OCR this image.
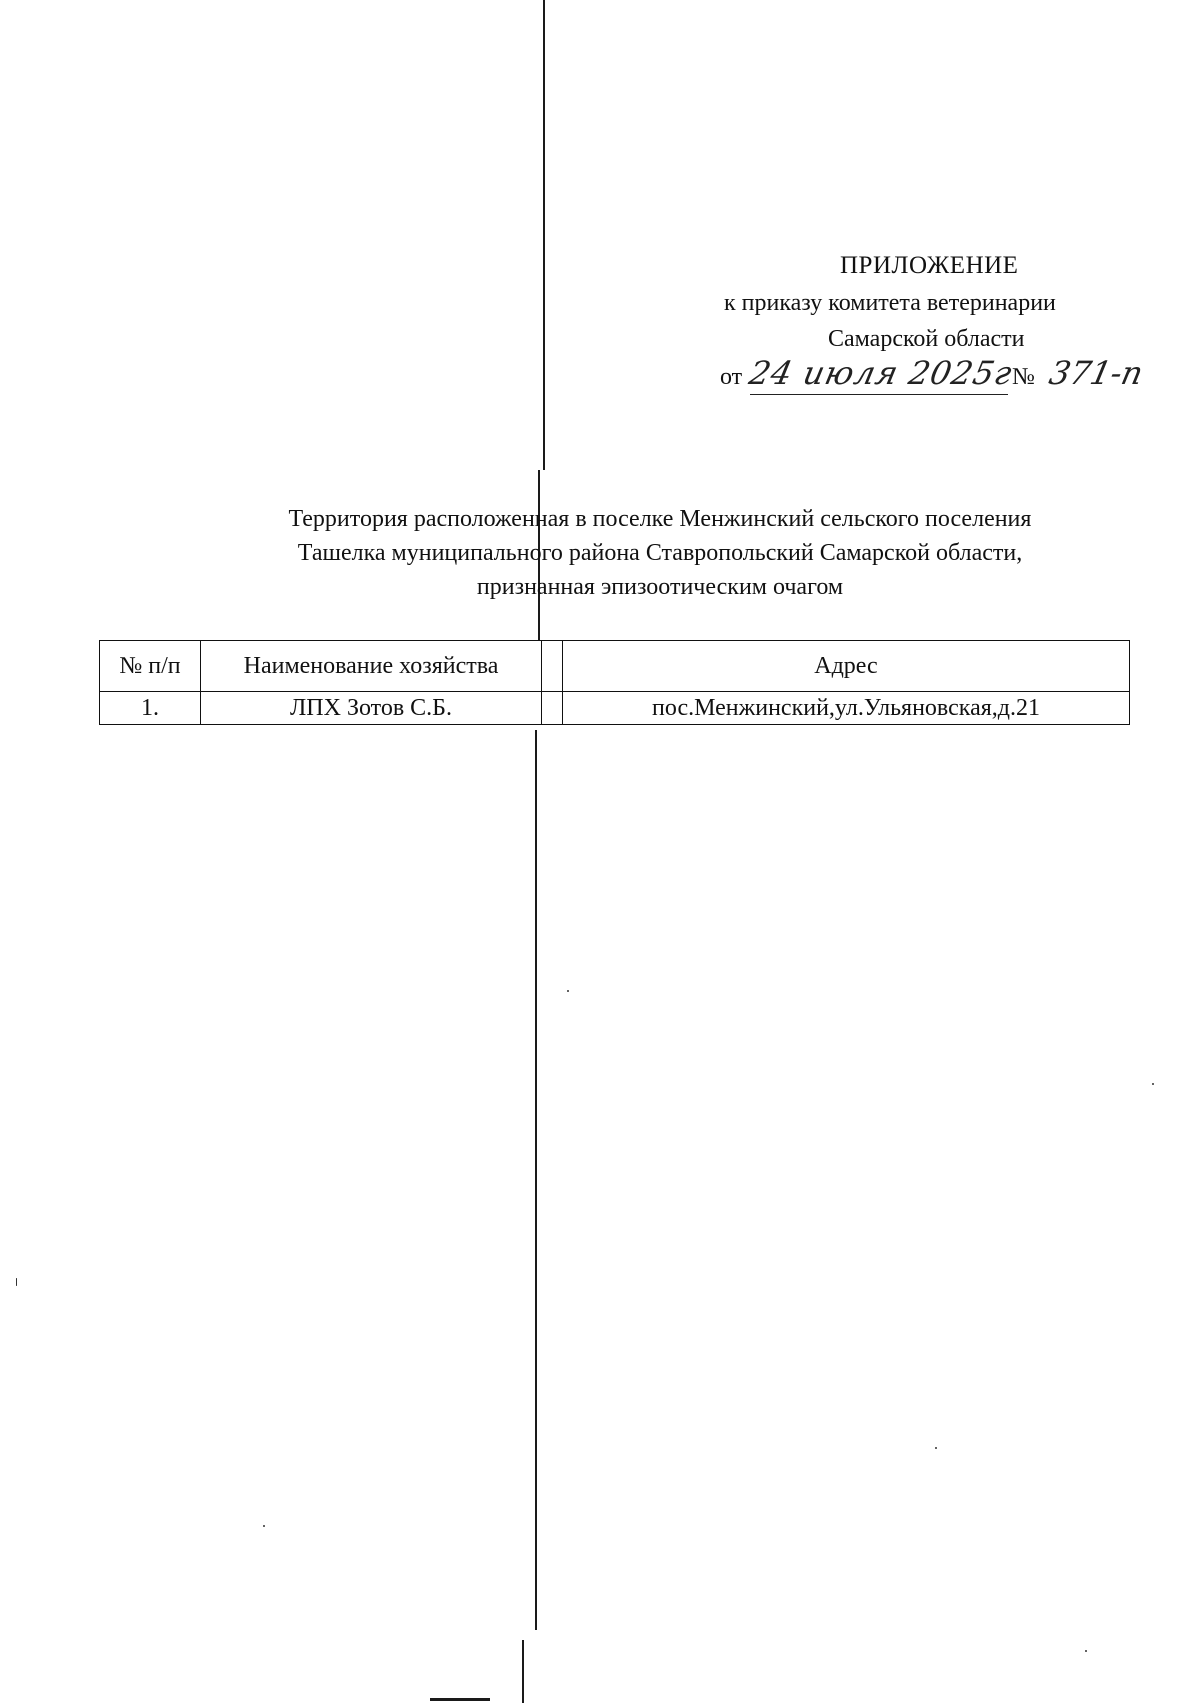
ПРИЛОЖЕНИЕ
к приказу комитета ветеринарии
Самарской области
от 24 июля 2025г
№ 371-п
Территория расположенная в поселке Менжинский сельского поселения
Ташелка муниципального района Ставропольский Самарской области,
признанная эпизоотическим очагом
№ п/п	Наименование хозяйства		Адрес
1.	ЛПХ Зотов С.Б.		пос.Менжинский,ул.Ульяновская,д.21
